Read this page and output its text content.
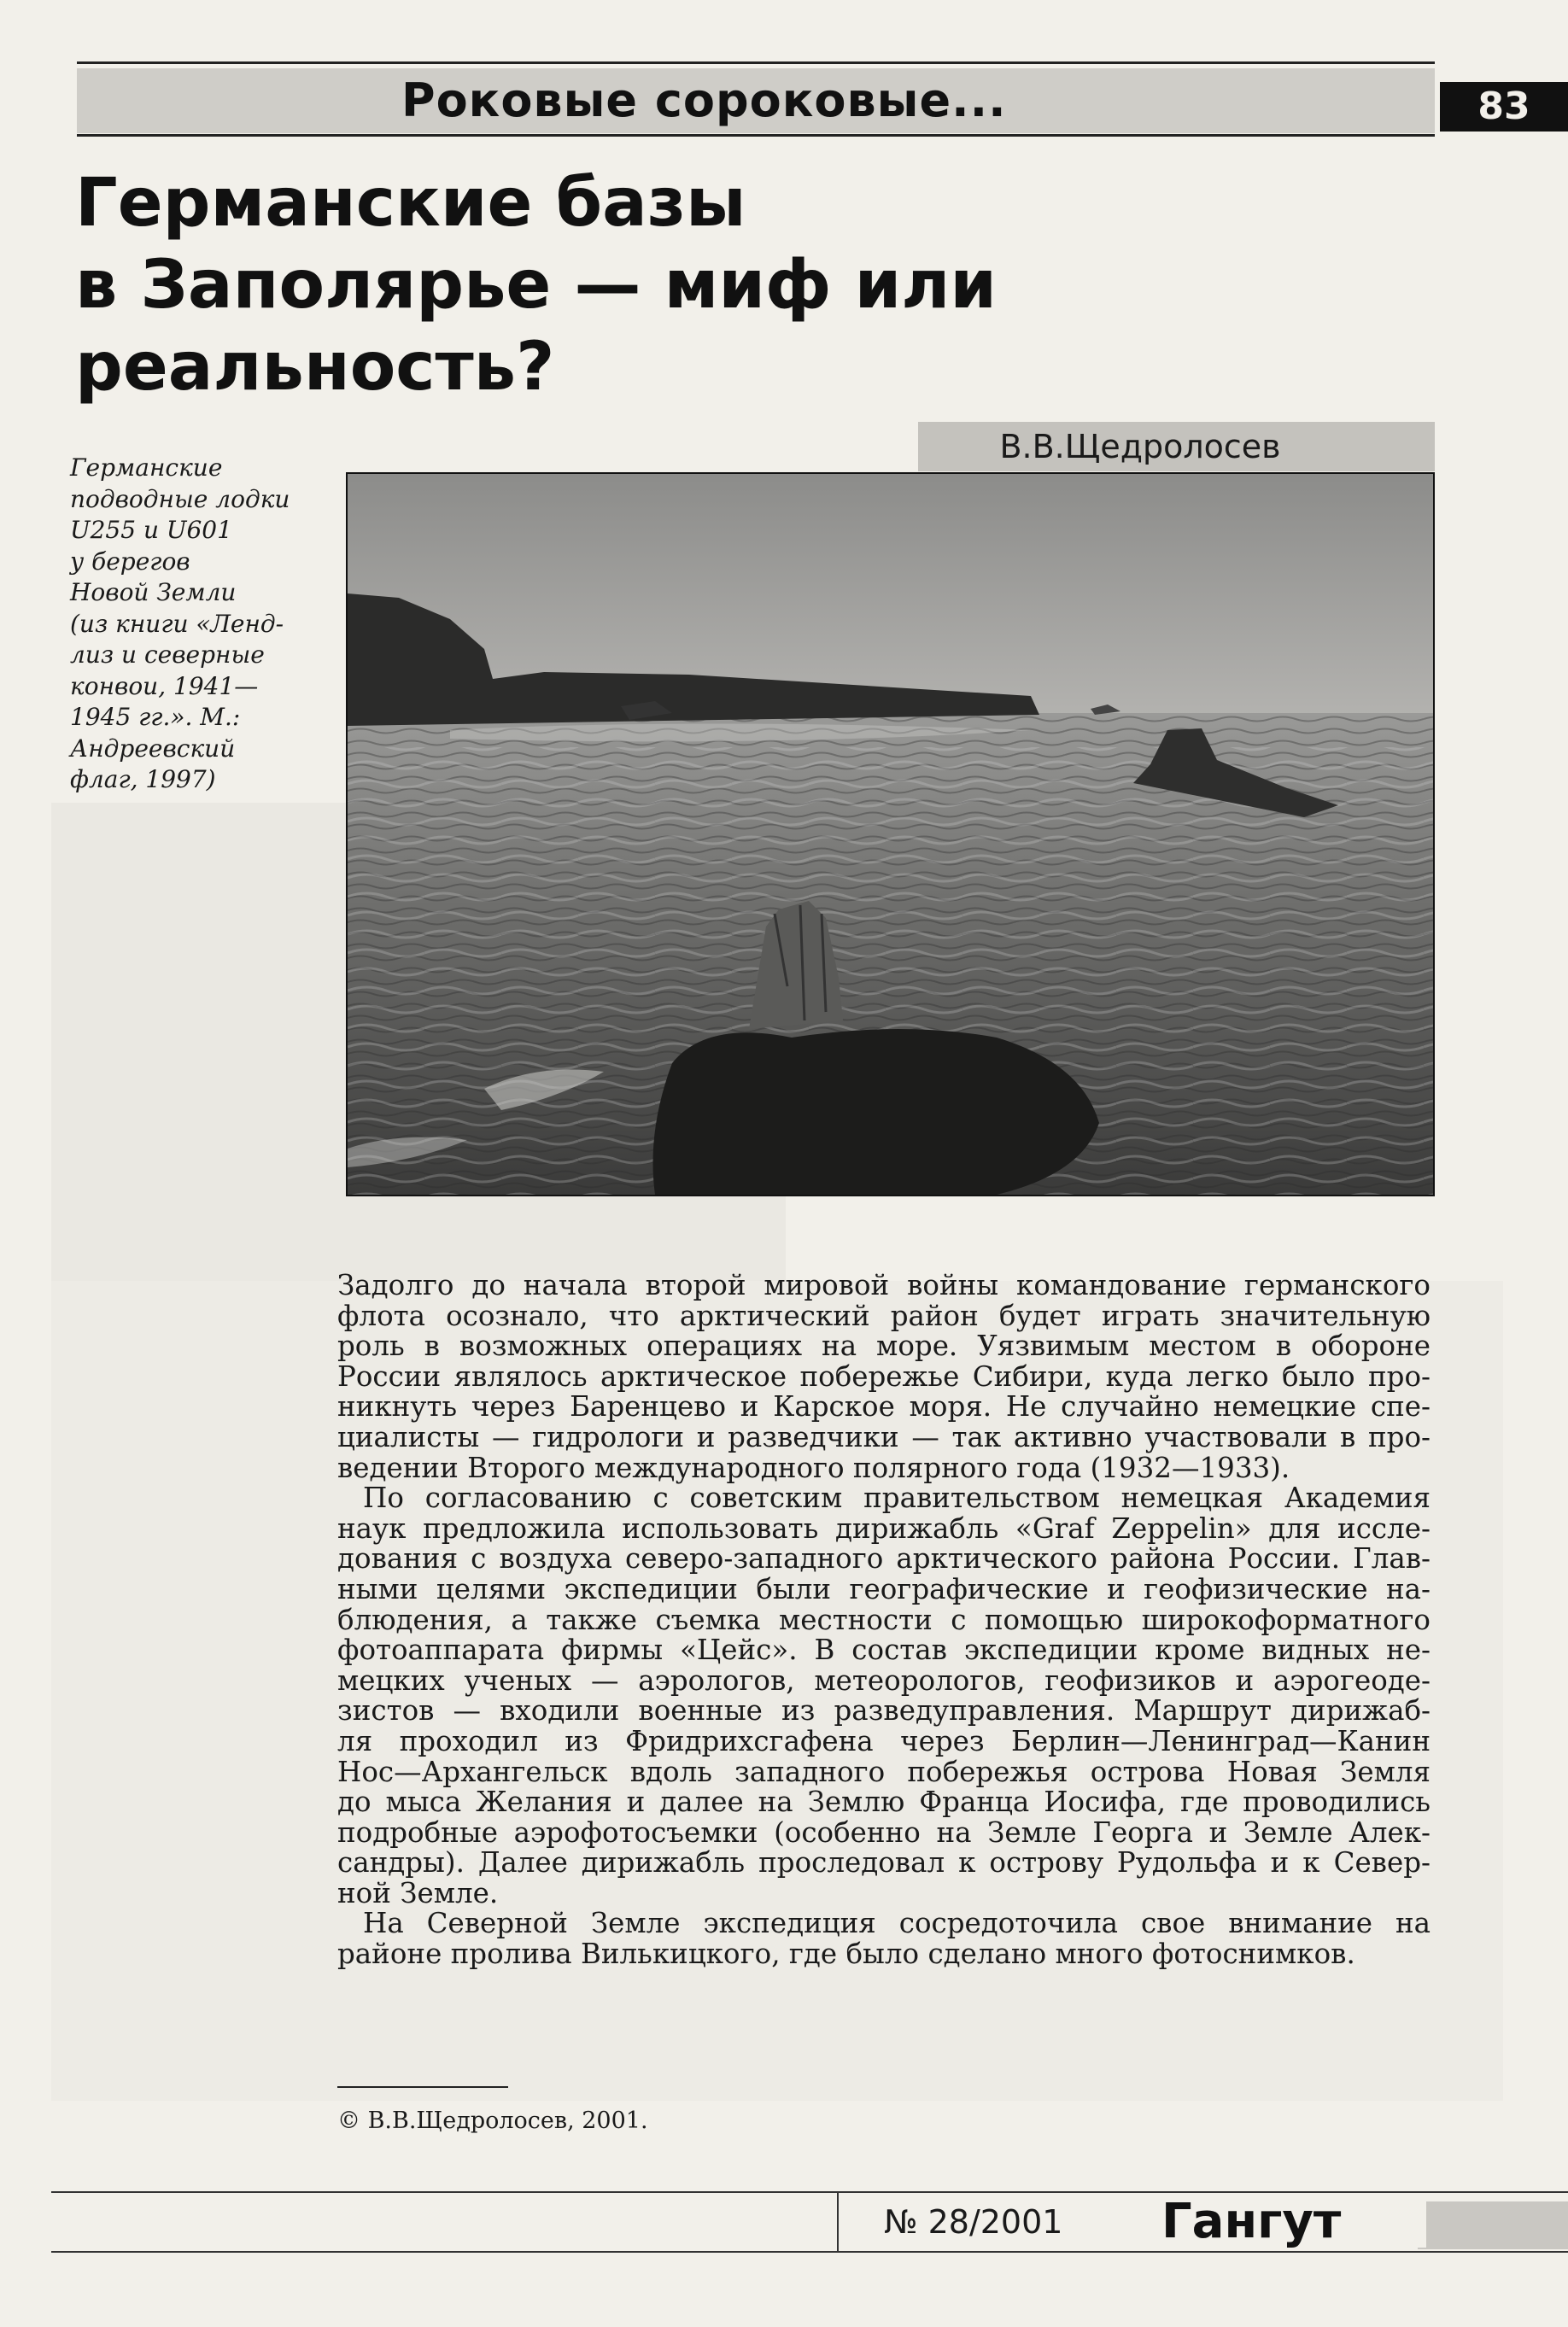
Роковые сороковые...	83
Германские базы
в Заполярье — миф или
реальность?
В.В.Щедролосев
Германские
подводные лодки
U255 и U601
у берегов
Новой Земли
(из книги «Ленд-
лиз и северные
конвои, 1941—
1945 гг.». М.:
Андреевский
флаг, 1997)
Задолго до начала второй мировой войны командование германского
флота осознало, что арктический район будет играть значительную
роль в возможных операциях на море. Уязвимым местом в обороне
России являлось арктическое побережье Сибири, куда легко было про-
никнуть через Баренцево и Карское моря. Не случайно немецкие спе-
циалисты — гидрологи и разведчики — так активно участвовали в про-
ведении Второго международного полярного года (1932—1933).
По согласованию с советским правительством немецкая Академия
наук предложила использовать дирижабль «Graf Zeppelin» для иссле-
дования с воздуха северо-западного арктического района России. Глав-
ными целями экспедиции были географические и геофизические на-
блюдения, а также съемка местности с помощью широкоформатного
фотоаппарата фирмы «Цейс». В состав экспедиции кроме видных не-
мецких ученых — аэрологов, метеорологов, геофизиков и аэрогеоде-
зистов — входили военные из разведуправления. Маршрут дирижаб-
ля проходил из Фридрихсгафена через Берлин—Ленинград—Канин
Нос—Архангельск вдоль западного побережья острова Новая Земля
до мыса Желания и далее на Землю Франца Иосифа, где проводились
подробные аэрофотосъемки (особенно на Земле Георга и Земле Алек-
сандры). Далее дирижабль проследовал к острову Рудольфа и к Север-
ной Земле.
На Северной Земле экспедиция сосредоточила свое внимание на
районе пролива Вилькицкого, где было сделано много фотоснимков.
© В.В.Щедролосев, 2001.
№ 28/2001 Гангут
